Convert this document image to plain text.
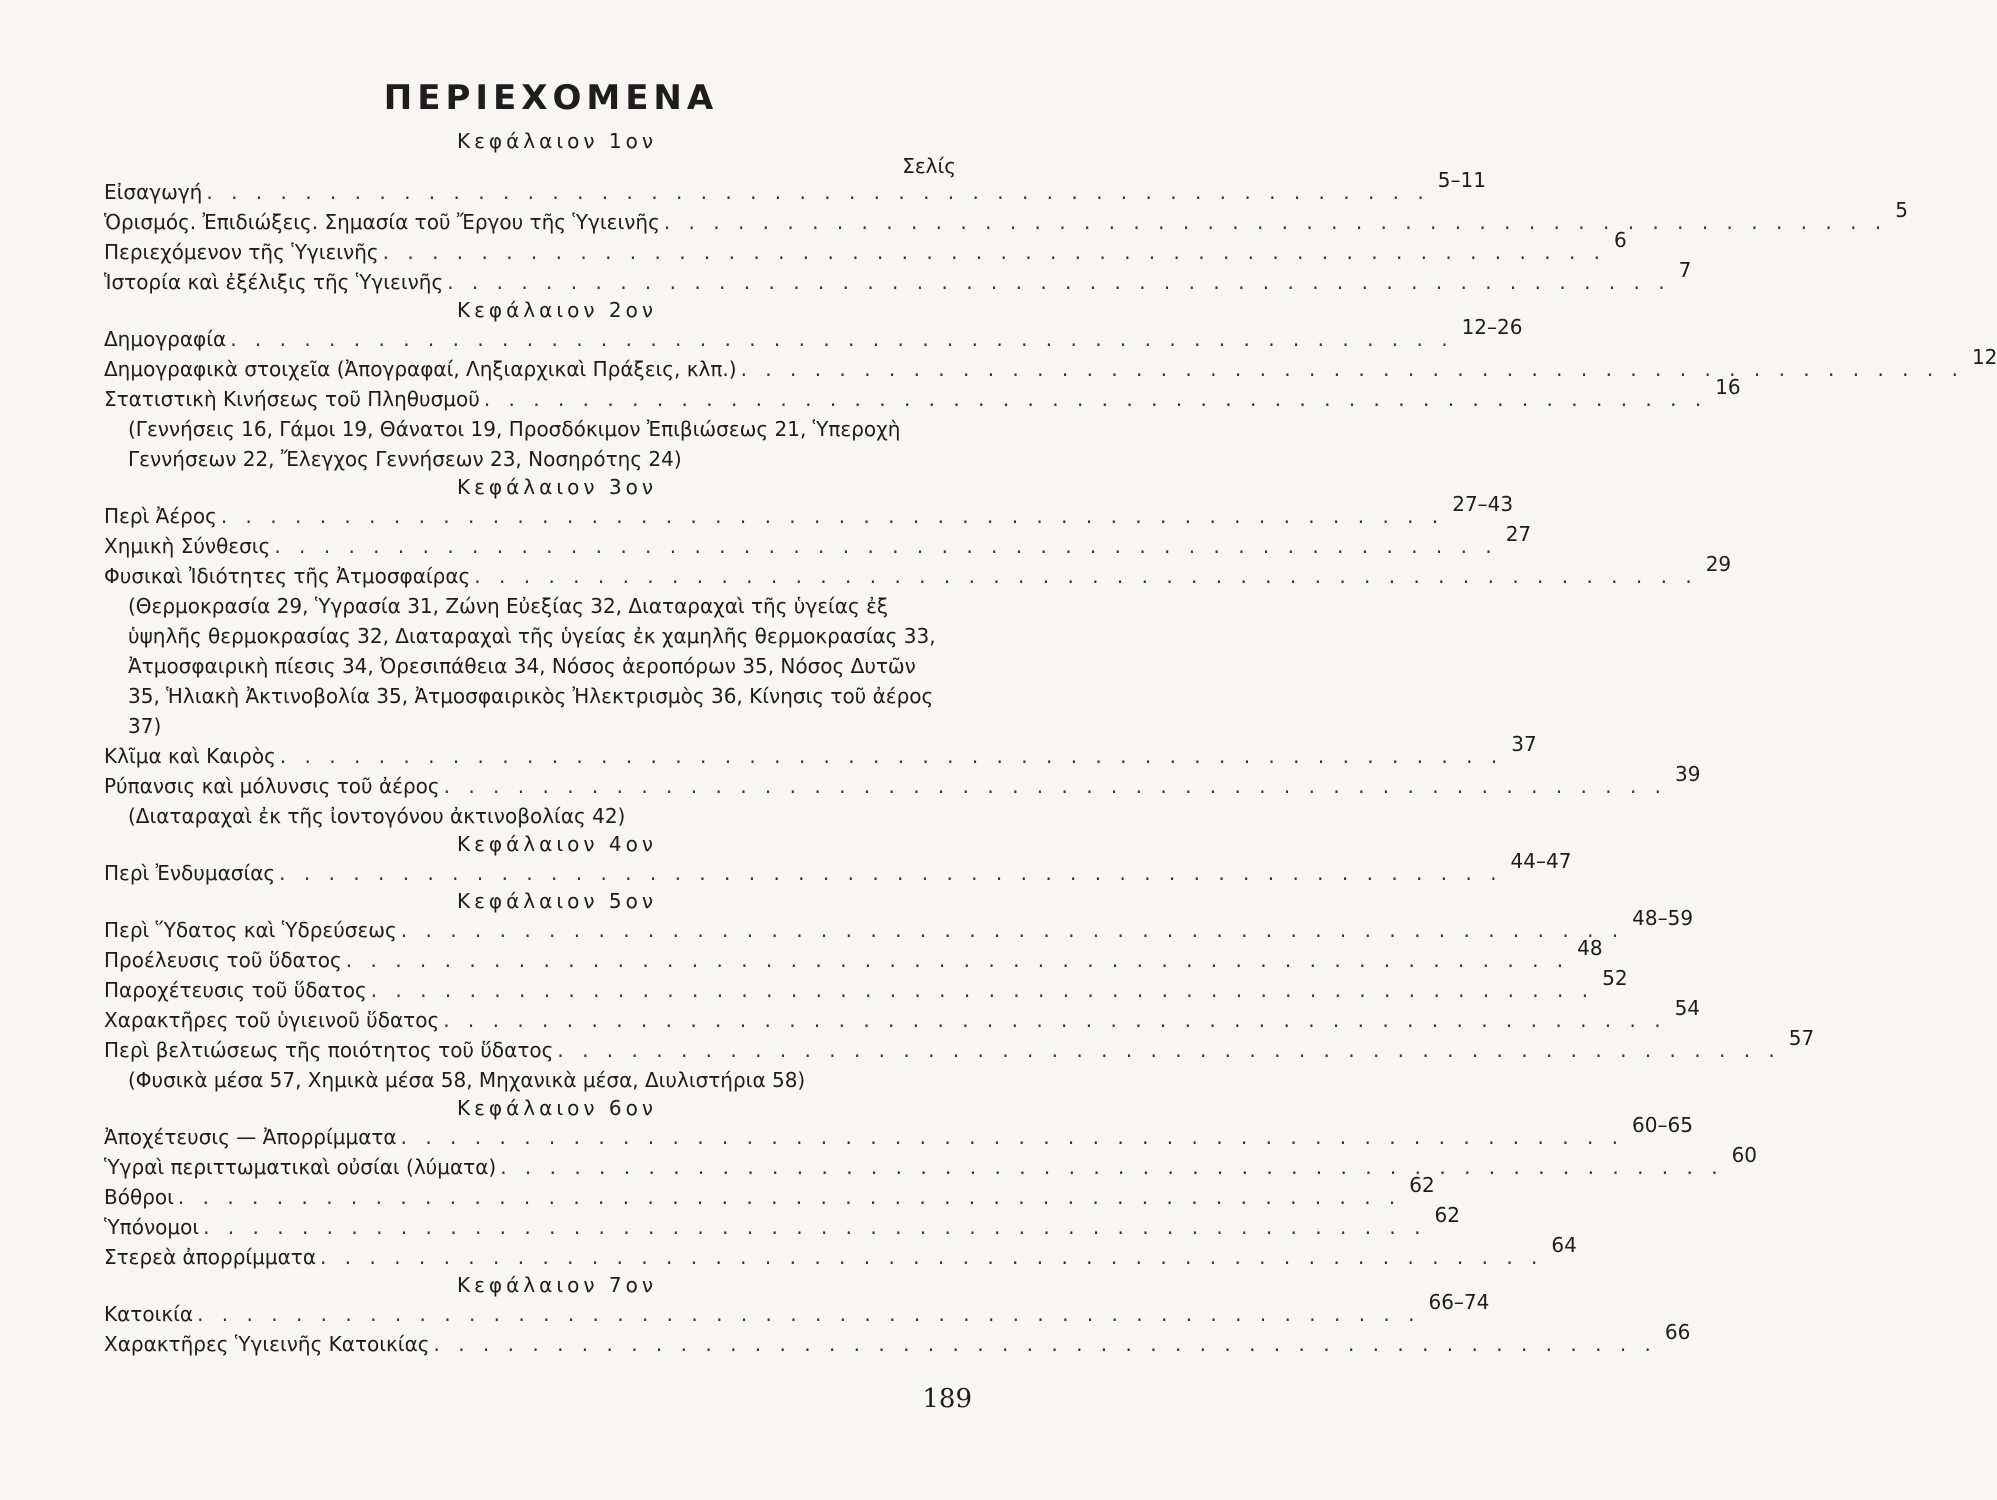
ΠΕΡΙΕΧΟΜΕΝΑ
Κεφάλαιον 1ον
Σελίς
Εἰσαγωγή . . . . . . . . . . . . . . . . . . . . . . . . . . . . . . . . . . . . . . . . . . . . . . . . . . 5–11
Ὁρισμός. Ἐπιδιώξεις. Σημασία τοῦ Ἔργου τῆς Ὑγιεινῆς . . . . . . . . . . . . . . . . . . . . . . . . . . . . . . . . . . . . . . . . . . . . . . . . . . 5
Περιεχόμενον τῆς Ὑγιεινῆς . . . . . . . . . . . . . . . . . . . . . . . . . . . . . . . . . . . . . . . . . . . . . . . . . . 6
Ἱστορία καὶ ἐξέλιξις τῆς Ὑγιεινῆς . . . . . . . . . . . . . . . . . . . . . . . . . . . . . . . . . . . . . . . . . . . . . . . . . . 7
Κεφάλαιον 2ον
Δημογραφία . . . . . . . . . . . . . . . . . . . . . . . . . . . . . . . . . . . . . . . . . . . . . . . . . . 12–26
Δημογραφικὰ στοιχεῖα (Ἀπογραφαί, Ληξιαρχικαὶ Πράξεις, κλπ.) . . . . . . . . . . . . . . . . . . . . . . . . . . . . . . . . . . . . . . . . . . . . . . . . . . 12
Στατιστικὴ Κινήσεως τοῦ Πληθυσμοῦ . . . . . . . . . . . . . . . . . . . . . . . . . . . . . . . . . . . . . . . . . . . . . . . . . . 16
(Γεννήσεις 16, Γάμοι 19, Θάνατοι 19, Προσδόκιμον Ἐπιβιώσεως 21, Ὑπεροχὴ Γεννήσεων 22, Ἔλεγχος Γεννήσεων 23, Νοσηρότης 24)
Κεφάλαιον 3ον
Περὶ Ἀέρος . . . . . . . . . . . . . . . . . . . . . . . . . . . . . . . . . . . . . . . . . . . . . . . . . . 27–43
Χημικὴ Σύνθεσις . . . . . . . . . . . . . . . . . . . . . . . . . . . . . . . . . . . . . . . . . . . . . . . . . . 27
Φυσικαὶ Ἰδιότητες τῆς Ἀτμοσφαίρας . . . . . . . . . . . . . . . . . . . . . . . . . . . . . . . . . . . . . . . . . . . . . . . . . . 29
(Θερμοκρασία 29, Ὑγρασία 31, Ζώνη Εὐεξίας 32, Διαταραχαὶ τῆς ὑγείας ἐξ ὑψηλῆς θερμοκρασίας 32, Διαταραχαὶ τῆς ὑγείας ἐκ χαμηλῆς θερμοκρασίας 33, Ἀτμοσφαιρικὴ πίεσις 34, Ὀρεσιπάθεια 34, Νόσος ἀεροπόρων 35, Νόσος Δυτῶν 35, Ἡλιακὴ Ἀκτινοβολία 35, Ἀτμοσφαιρικὸς Ἠλεκτρισμὸς 36, Κίνησις τοῦ ἀέρος 37)
Κλῖμα καὶ Καιρὸς . . . . . . . . . . . . . . . . . . . . . . . . . . . . . . . . . . . . . . . . . . . . . . . . . . 37
Ρύπανσις καὶ μόλυνσις τοῦ ἀέρος . . . . . . . . . . . . . . . . . . . . . . . . . . . . . . . . . . . . . . . . . . . . . . . . . . 39
(Διαταραχαὶ ἐκ τῆς ἰοντογόνου ἀκτινοβολίας 42)
Κεφάλαιον 4ον
Περὶ Ἐνδυμασίας . . . . . . . . . . . . . . . . . . . . . . . . . . . . . . . . . . . . . . . . . . . . . . . . . . 44–47
Κεφάλαιον 5ον
Περὶ Ὕδατος καὶ Ὑδρεύσεως . . . . . . . . . . . . . . . . . . . . . . . . . . . . . . . . . . . . . . . . . . . . . . . . . . 48–59
Προέλευσις τοῦ ὕδατος . . . . . . . . . . . . . . . . . . . . . . . . . . . . . . . . . . . . . . . . . . . . . . . . . . 48
Παροχέτευσις τοῦ ὕδατος . . . . . . . . . . . . . . . . . . . . . . . . . . . . . . . . . . . . . . . . . . . . . . . . . . 52
Χαρακτῆρες τοῦ ὑγιεινοῦ ὕδατος . . . . . . . . . . . . . . . . . . . . . . . . . . . . . . . . . . . . . . . . . . . . . . . . . . 54
Περὶ βελτιώσεως τῆς ποιότητος τοῦ ὕδατος . . . . . . . . . . . . . . . . . . . . . . . . . . . . . . . . . . . . . . . . . . . . . . . . . . 57
(Φυσικὰ μέσα 57, Χημικὰ μέσα 58, Μηχανικὰ μέσα, Διυλιστήρια 58)
Κεφάλαιον 6ον
Ἀποχέτευσις — Ἀπορρίμματα . . . . . . . . . . . . . . . . . . . . . . . . . . . . . . . . . . . . . . . . . . . . . . . . . . 60–65
Ὑγραὶ περιττωματικαὶ οὐσίαι (λύματα) . . . . . . . . . . . . . . . . . . . . . . . . . . . . . . . . . . . . . . . . . . . . . . . . . . 60
Βόθροι . . . . . . . . . . . . . . . . . . . . . . . . . . . . . . . . . . . . . . . . . . . . . . . . . . 62
Ὑπόνομοι . . . . . . . . . . . . . . . . . . . . . . . . . . . . . . . . . . . . . . . . . . . . . . . . . . 62
Στερεὰ ἀπορρίμματα . . . . . . . . . . . . . . . . . . . . . . . . . . . . . . . . . . . . . . . . . . . . . . . . . . 64
Κεφάλαιον 7ον
Κατοικία . . . . . . . . . . . . . . . . . . . . . . . . . . . . . . . . . . . . . . . . . . . . . . . . . . 66–74
Χαρακτῆρες Ὑγιεινῆς Κατοικίας . . . . . . . . . . . . . . . . . . . . . . . . . . . . . . . . . . . . . . . . . . . . . . . . . . 66
189
